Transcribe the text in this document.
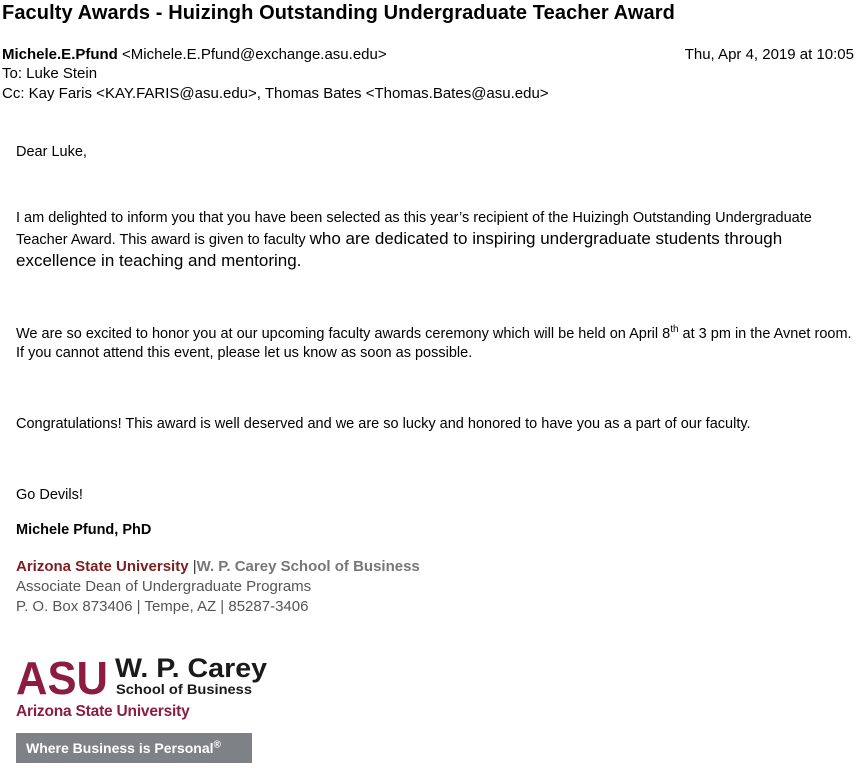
Faculty Awards - Huizingh Outstanding Undergraduate Teacher Award
Michele.E.Pfund <Michele.E.Pfund@exchange.asu.edu>	Thu, Apr 4, 2019 at 10:05
To: Luke Stein
Cc: Kay Faris <KAY.FARIS@asu.edu>, Thomas Bates <Thomas.Bates@asu.edu>
Dear Luke,
I am delighted to inform you that you have been selected as this year’s recipient of the Huizingh Outstanding Undergraduate Teacher Award. This award is given to faculty who are dedicated to inspiring undergraduate students through excellence in teaching and mentoring.
We are so excited to honor you at our upcoming faculty awards ceremony which will be held on April 8th at 3 pm in the Avnet room. If you cannot attend this event, please let us know as soon as possible.
Congratulations! This award is well deserved and we are so lucky and honored to have you as a part of our faculty.
Go Devils!
Michele Pfund, PhD
Arizona State University |W. P. Carey School of Business
Associate Dean of Undergraduate Programs
P. O. Box 873406 | Tempe, AZ | 85287-3406
ASU W. P. Carey
School of Business
Arizona State University
Where Business is Personal®
